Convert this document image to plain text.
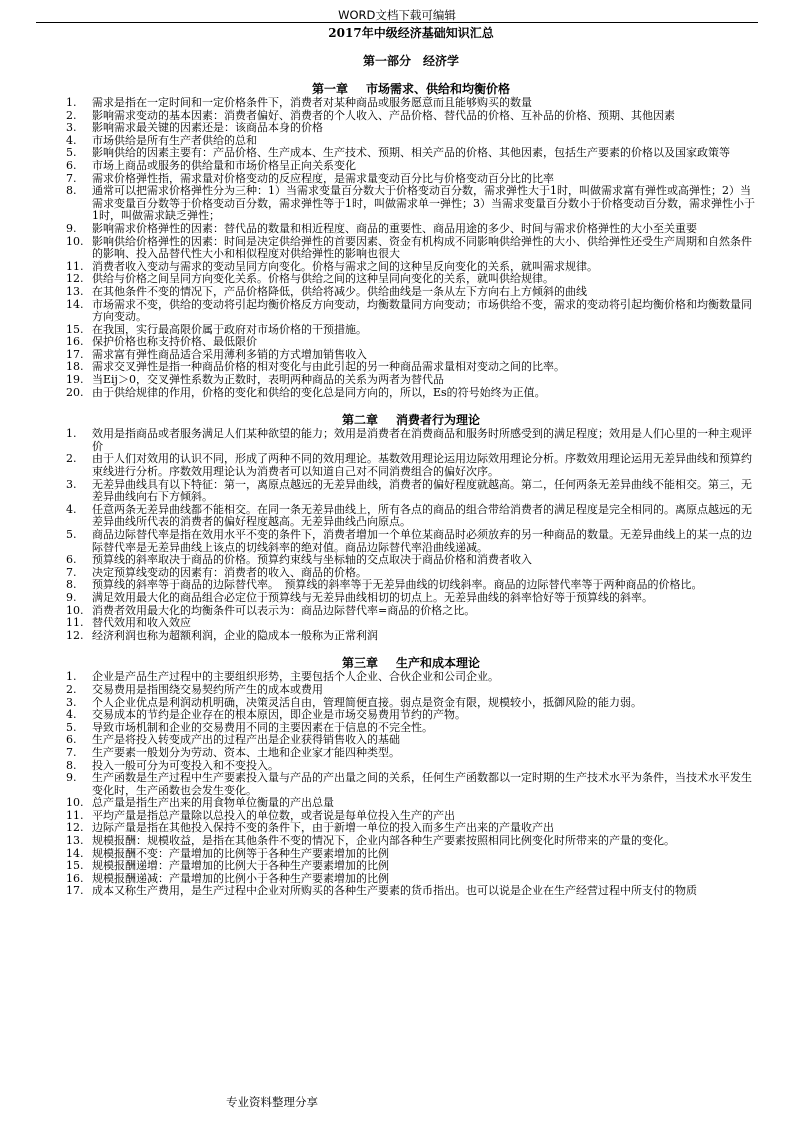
WORD文档下载可编辑
2017年中级经济基础知识汇总
第一部分　经济学
第一章 市场需求、供给和均衡价格
1.	需求是指在一定时间和一定价格条件下，消费者对某种商品或服务愿意而且能够购买的数量
2.	影响需求变动的基本因素：消费者偏好、消费者的个人收入、产品价格、替代品的价格、互补品的价格、预期、其他因素
3.	影响需求最关键的因素还是：该商品本身的价格
4.	市场供给是所有生产者供给的总和
5.	影响供给的因素主要有：产品价格、生产成本、生产技术、预期、相关产品的价格、其他因素，包括生产要素的价格以及国家政策等
6.	市场上商品或服务的供给量和市场价格呈正向关系变化
7.	需求价格弹性指，需求量对价格变动的反应程度，是需求量变动百分比与价格变动百分比的比率
8.	通常可以把需求价格弹性分为三种：1）当需求变量百分数大于价格变动百分数，需求弹性大于1时，叫做需求富有弹性或高弹性；2）当需求变量百分数等于价格变动百分数，需求弹性等于1时，叫做需求单一弹性；3）当需求变量百分数小于价格变动百分数，需求弹性小于1时，叫做需求缺乏弹性；
9.	影响需求价格弹性的因素：替代品的数量和相近程度、商品的重要性、商品用途的多少、时间与需求价格弹性的大小至关重要
10. 影响供给价格弹性的因素：时间是决定供给弹性的首要因素、资金有机构成不同影响供给弹性的大小、供给弹性还受生产周期和自然条件的影响、投入品替代性大小和相似程度对供给弹性的影响也很大
11. 消费者收入变动与需求的变动呈同方向变化。价格与需求之间的这种呈反向变化的关系，就叫需求规律。
12. 供给与价格之间呈同方向变化关系。价格与供给之间的这种呈同向变化的关系，就叫供给规律。
13. 在其他条件不变的情况下，产品价格降低，供给将减少。供给曲线是一条从左下方向右上方倾斜的曲线
14. 市场需求不变，供给的变动将引起均衡价格反方向变动，均衡数量同方向变动；市场供给不变，需求的变动将引起均衡价格和均衡数量同方向变动。
15. 在我国，实行最高限价属于政府对市场价格的干预措施。
16. 保护价格也称支持价格、最低限价
17. 需求富有弹性商品适合采用薄利多销的方式增加销售收入
18. 需求交叉弹性是指一种商品价格的相对变化与由此引起的另一种商品需求量相对变动之间的比率。
19. 当Eij＞0，交叉弹性系数为正数时，表明两种商品的关系为两者为替代品
20. 由于供给规律的作用，价格的变化和供给的变化总是同方向的，所以，Es的符号始终为正值。
第二章 消费者行为理论
1.	效用是指商品或者服务满足人们某种欲望的能力；效用是消费者在消费商品和服务时所感受到的满足程度；效用是人们心里的一种主观评价
2.	由于人们对效用的认识不同，形成了两种不同的效用理论。基数效用理论运用边际效用理论分析。序数效用理论运用无差异曲线和预算约束线进行分析。序数效用理论认为消费者可以知道自己对不同消费组合的偏好次序。
3.	无差异曲线具有以下特征：第一，离原点越远的无差异曲线，消费者的偏好程度就越高。第二，任何两条无差异曲线不能相交。第三，无差异曲线向右下方倾斜。
4.	任意两条无差异曲线都不能相交。在同一条无差异曲线上，所有各点的商品的组合带给消费者的满足程度是完全相同的。离原点越远的无差异曲线所代表的消费者的偏好程度越高。无差异曲线凸向原点。
5.	商品边际替代率是指在效用水平不变的条件下，消费者增加一个单位某商品时必须放弃的另一种商品的数量。无差异曲线上的某一点的边际替代率是无差异曲线上该点的切线斜率的绝对值。商品边际替代率沿曲线递减。
6.	预算线的斜率取决于商品的价格。预算约束线与坐标轴的交点取决于商品价格和消费者收入
7.	决定预算线变动的因素有：消费者的收入、商品的价格。
8.	预算线的斜率等于商品的边际替代率。　预算线的斜率等于无差异曲线的切线斜率。商品的边际替代率等于两种商品的价格比。
9.	满足效用最大化的商品组合必定位于预算线与无差异曲线相切的切点上。无差异曲线的斜率恰好等于预算线的斜率。
10. 消费者效用最大化的均衡条件可以表示为：商品边际替代率=商品的价格之比。
11. 替代效用和收入效应
12. 经济利润也称为超额利润，企业的隐成本一般称为正常利润
第三章 生产和成本理论
1.	企业是产品生产过程中的主要组织形势，主要包括个人企业、合伙企业和公司企业。
2.	交易费用是指围绕交易契约所产生的成本或费用
3.	个人企业优点是利润动机明确，决策灵活自由，管理简便直接。弱点是资金有限，规模较小，抵御风险的能力弱。
4.	交易成本的节约是企业存在的根本原因，即企业是市场交易费用节约的产物。
5.	导致市场机制和企业的交易费用不同的主要因素在于信息的不完全性。
6.	生产是将投入转变成产出的过程产出是企业获得销售收入的基础
7.	生产要素一般划分为劳动、资本、土地和企业家才能四种类型。
8.	投入一般可分为可变投入和不变投入。
9.	生产函数是生产过程中生产要素投入量与产品的产出量之间的关系，任何生产函数都以一定时期的生产技术水平为条件，当技术水平发生变化时，生产函数也会发生变化。
10. 总产量是指生产出来的用食物单位衡量的产出总量
11. 平均产量是指总产量除以总投入的单位数，或者说是每单位投入生产的产出
12. 边际产量是指在其他投入保持不变的条件下，由于新增一单位的投入而多生产出来的产量收产出
13. 规模报酬：规模收益，是指在其他条件不变的情况下，企业内部各种生产要素按照相同比例变化时所带来的产量的变化。
14. 规模报酬不变：产量增加的比例等于各种生产要素增加的比例
15. 规模报酬递增：产量增加的比例大于各种生产要素增加的比例
16. 规模报酬递减：产量增加的比例小于各种生产要素增加的比例
17. 成本又称生产费用，是生产过程中企业对所购买的各种生产要素的货币指出。也可以说是企业在生产经营过程中所支付的物质
专业资料整理分享
